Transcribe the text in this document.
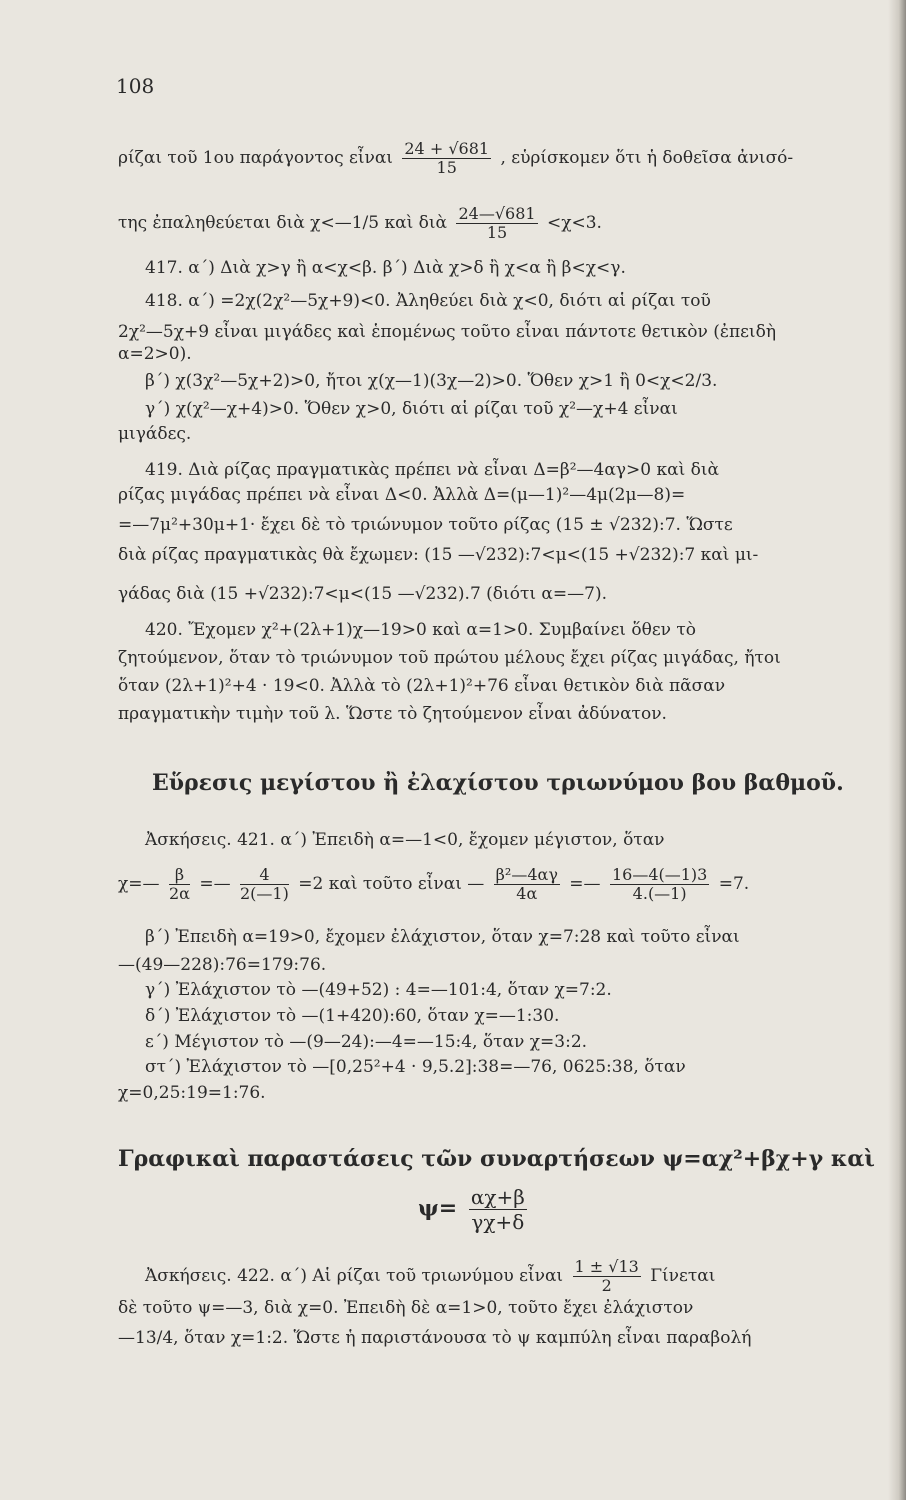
108
ρίζαι τοῦ 1ου παράγοντος εἶναι $\frac{24 + √681}{15}$ , εὑρίσκομεν ὅτι ἡ δοθεῖσα ἀνισό-
της ἐπαληθεύεται διὰ χ<—1/5 καὶ διὰ $\frac{24—√681}{15} <\chi<3$.
417. α΄) Διὰ χ>γ ἢ α<χ<β. β΄) Διὰ χ>δ ἢ χ<α ἢ β<χ<γ.
418. α΄) =2χ(2χ²—5χ+9)<0. Ἀληθεύει διὰ χ<0, διότι αἱ ρίζαι τοῦ
2χ²—5χ+9 εἶναι μιγάδες καὶ ἑπομένως τοῦτο εἶναι πάντοτε θετικὸν (ἐπειδὴ
α=2>0).
β΄) χ(3χ²—5χ+2)>0, ἤτοι χ(χ—1)(3χ—2)>0. Ὅθεν χ>1 ἢ 0<χ<2/3.
γ΄) χ(χ²—χ+4)>0. Ὅθεν χ>0, διότι αἱ ρίζαι τοῦ χ²—χ+4 εἶναι
μιγάδες.
419. Διὰ ρίζας πραγματικὰς πρέπει νὰ εἶναι Δ=β²—4αγ>0 καὶ διὰ
ρίζας μιγάδας πρέπει νὰ εἶναι Δ<0. Ἀλλὰ Δ=(μ—1)²—4μ(2μ—8)=
=—7μ²+30μ+1· ἔχει δὲ τὸ τριώνυμον τοῦτο ρίζας (15 ± √232):7. Ὥστε
διὰ ρίζας πραγματικὰς θὰ ἔχωμεν: (15 —√232):7<μ<(15 +√232):7 καὶ μι-
γάδας διὰ (15 +√232):7<μ<(15 —√232).7 (διότι α=—7).
420. Ἔχομεν χ²+(2λ+1)χ—19>0 καὶ α=1>0. Συμβαίνει ὅθεν τὸ
ζητούμενον, ὅταν τὸ τριώνυμον τοῦ πρώτου μέλους ἔχει ρίζας μιγάδας, ἤτοι
ὅταν (2λ+1)²+4 · 19<0. Ἀλλὰ τὸ (2λ+1)²+76 εἶναι θετικὸν διὰ πᾶσαν
πραγματικὴν τιμὴν τοῦ λ. Ὥστε τὸ ζητούμενον εἶναι ἀδύνατον.
Εὕρεσις μεγίστου ἢ ἐλαχίστου τριωνύμου βου βαθμοῦ.
Ἀσκήσεις. 421. α΄) Ἐπειδὴ α=—1<0, ἔχομεν μέγιστον, ὅταν
χ=— $\frac{\beta}{2\alpha}$ =— $\frac{4}{2(—1)} =2$ καὶ τοῦτο εἶναι — $\frac{\text{β²—4αγ}}{4\alpha}$ =— $\frac{16—4(—1)3}{4.(—1)} =7$.
β΄) Ἐπειδὴ α=19>0, ἔχομεν ἐλάχιστον, ὅταν χ=7:28 καὶ τοῦτο εἶναι
—(49—228):76=179:76.
γ΄) Ἐλάχιστον τὸ —(49+52) : 4=—101:4, ὅταν χ=7:2.
δ΄) Ἐλάχιστον τὸ —(1+420):60, ὅταν χ=—1:30.
ε΄) Μέγιστον τὸ —(9—24):—4=—15:4, ὅταν χ=3:2.
στ΄) Ἐλάχιστον τὸ —[0,25²+4 · 9,5.2]:38=—76, 0625:38, ὅταν
χ=0,25:19=1:76.
Γραφικαὶ παραστάσεις τῶν συναρτήσεων ψ=αχ²+βχ+γ καὶ
$\psi= \frac{\alpha\chi+\beta}{\gamma\chi+\delta}$
Ἀσκήσεις. 422. α΄) Αἱ ρίζαι τοῦ τριωνύμου εἶναι $\frac{1 \pm √13}{2}$ Γίνεται
δὲ τοῦτο ψ=—3, διὰ χ=0. Ἐπειδὴ δὲ α=1>0, τοῦτο ἔχει ἐλάχιστον
—13/4, ὅταν χ=1:2. Ὥστε ἡ παριστάνουσα τὸ ψ καμπύλη εἶναι παραβολή
